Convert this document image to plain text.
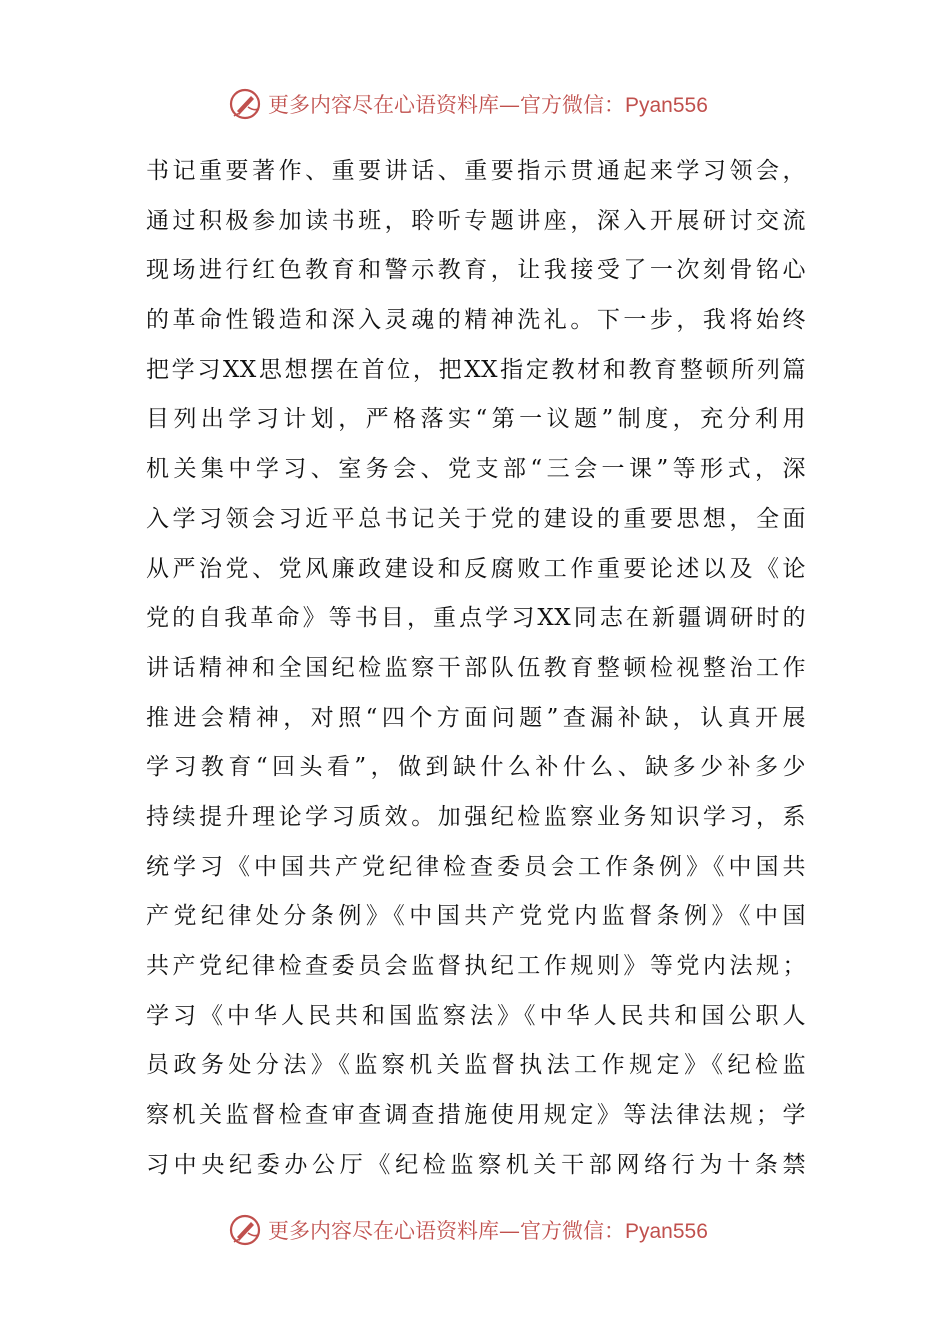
更多内容尽在心语资料库—官方微信：Pyan556
书记重要著作、重要讲话、重要指示贯通起来学习领会，
通过积极参加读书班，聆听专题讲座，深入开展研讨交流
现场进行红色教育和警示教育，让我接受了一次刻骨铭心
的革命性锻造和深入灵魂的精神洗礼。下一步，我将始终
把学习XX思想摆在首位，把XX指定教材和教育整顿所列篇
目列出学习计划，严格落实“第一议题”制度，充分利用
机关集中学习、室务会、党支部“三会一课”等形式，深
入学习领会习近平总书记关于党的建设的重要思想，全面
从严治党、党风廉政建设和反腐败工作重要论述以及《论
党的自我革命》等书目，重点学习XX同志在新疆调研时的
讲话精神和全国纪检监察干部队伍教育整顿检视整治工作
推进会精神，对照“四个方面问题”查漏补缺，认真开展
学习教育“回头看”，做到缺什么补什么、缺多少补多少
持续提升理论学习质效。加强纪检监察业务知识学习，系
统学习《中国共产党纪律检查委员会工作条例》《中国共
产党纪律处分条例》《中国共产党党内监督条例》《中国
共产党纪律检查委员会监督执纪工作规则》等党内法规；
学习《中华人民共和国监察法》《中华人民共和国公职人
员政务处分法》《监察机关监督执法工作规定》《纪检监
察机关监督检查审查调查措施使用规定》等法律法规；学
习中央纪委办公厅《纪检监察机关干部网络行为十条禁
更多内容尽在心语资料库—官方微信：Pyan556
